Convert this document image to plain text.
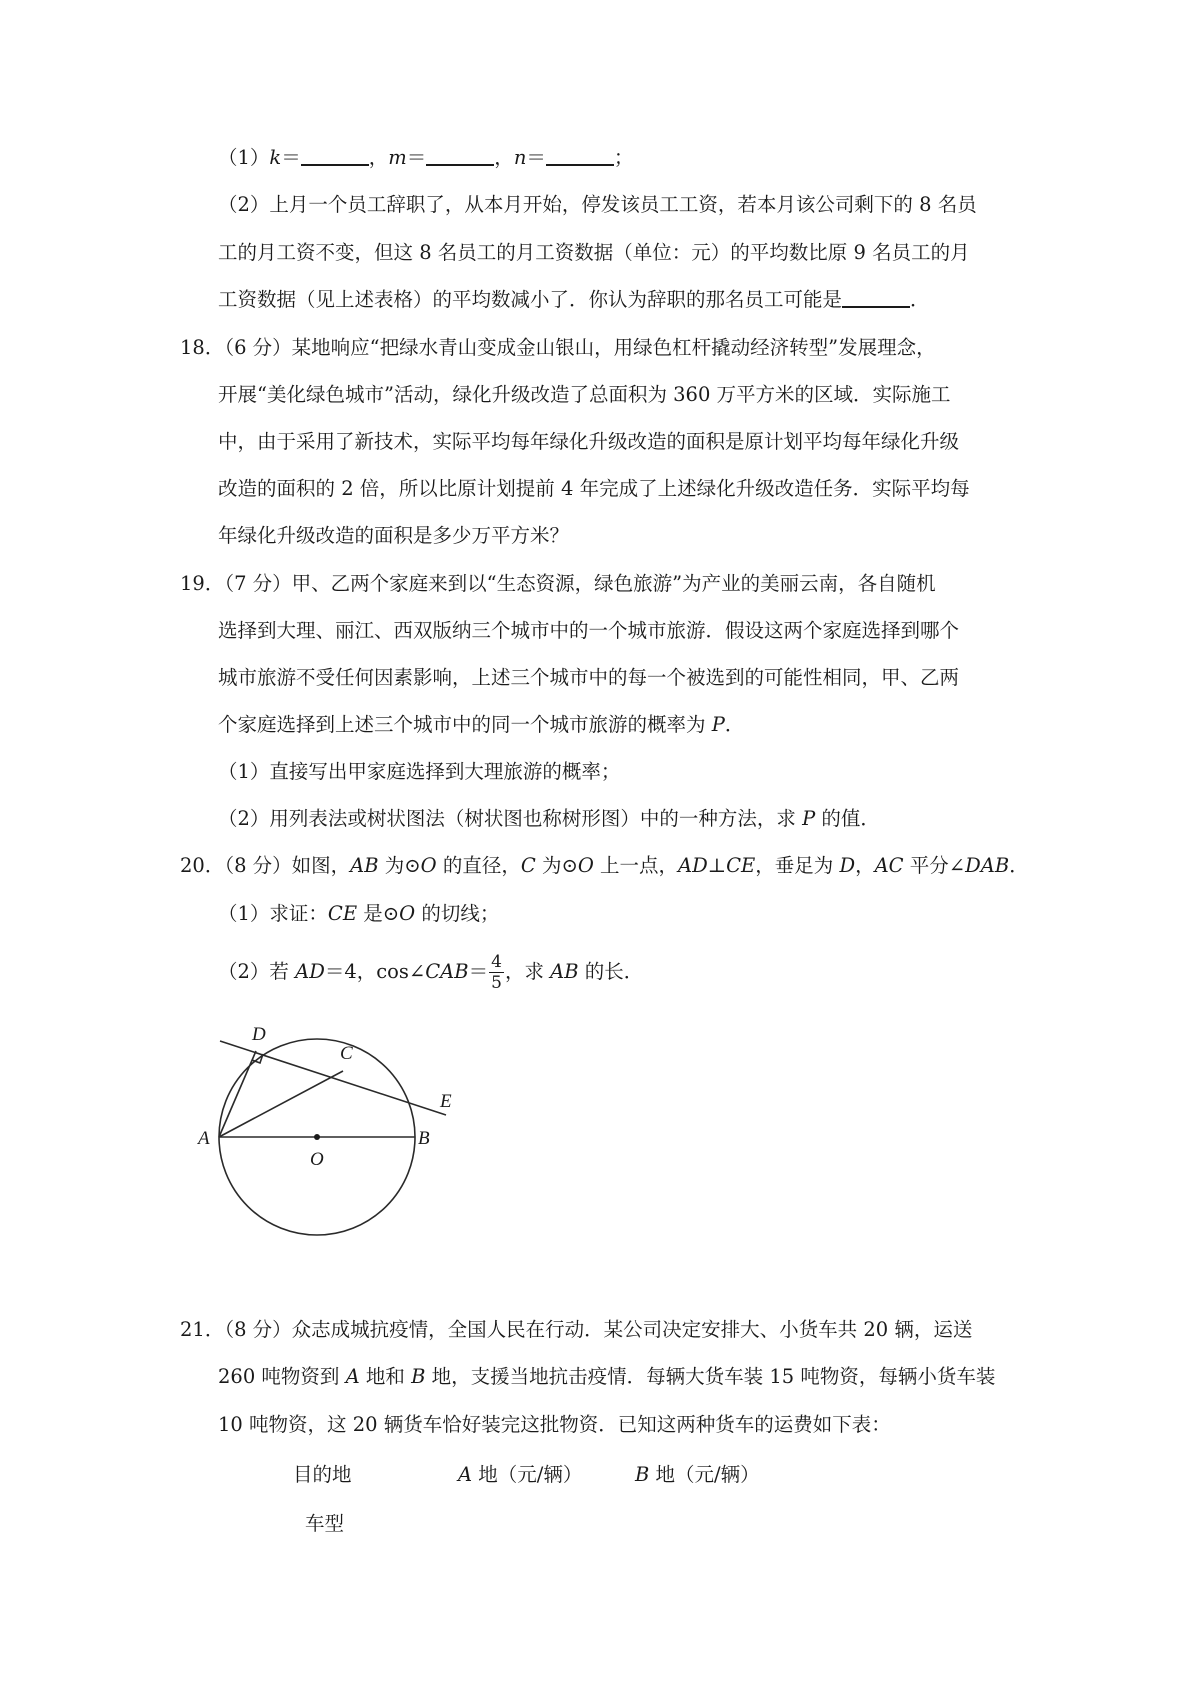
（1）k＝	，m＝	，n＝	；
（2）上月一个员工辞职了，从本月开始，停发该员工工资，若本月该公司剩下的 8 名员
工的月工资不变，但这 8 名员工的月工资数据（单位：元）的平均数比原 9 名员工的月
工资数据（见上述表格）的平均数减小了．你认为辞职的那名员工可能是	．
18．（6 分）某地响应“把绿水青山变成金山银山，用绿色杠杆撬动经济转型”发展理念，
开展“美化绿色城市”活动，绿化升级改造了总面积为 360 万平方米的区域．实际施工
中，由于采用了新技术，实际平均每年绿化升级改造的面积是原计划平均每年绿化升级
改造的面积的 2 倍，所以比原计划提前 4 年完成了上述绿化升级改造任务．实际平均每
年绿化升级改造的面积是多少万平方米？
19．（7 分）甲、乙两个家庭来到以“生态资源，绿色旅游”为产业的美丽云南，各自随机
选择到大理、丽江、西双版纳三个城市中的一个城市旅游．假设这两个家庭选择到哪个
城市旅游不受任何因素影响，上述三个城市中的每一个被选到的可能性相同，甲、乙两
个家庭选择到上述三个城市中的同一个城市旅游的概率为 P．
（1）直接写出甲家庭选择到大理旅游的概率；
（2）用列表法或树状图法（树状图也称树形图）中的一种方法，求 P 的值．
20．（8 分）如图，AB 为⊙O 的直径，C 为⊙O 上一点，AD⊥CE，垂足为 D，AC 平分∠DAB．
（1）求证：CE 是⊙O 的切线；
（2）若 AD＝4，cos∠CAB＝ $\frac{4}{5}$ ，求 AB 的长．
D
C
E
A
O
B
21．（8 分）众志成城抗疫情，全国人民在行动．某公司决定安排大、小货车共 20 辆，运送
260 吨物资到 A 地和 B 地，支援当地抗击疫情．每辆大货车装 15 吨物资，每辆小货车装
10 吨物资，这 20 辆货车恰好装完这批物资．已知这两种货车的运费如下表：
目的地	A 地（元/辆）	B 地（元/辆）
车型
